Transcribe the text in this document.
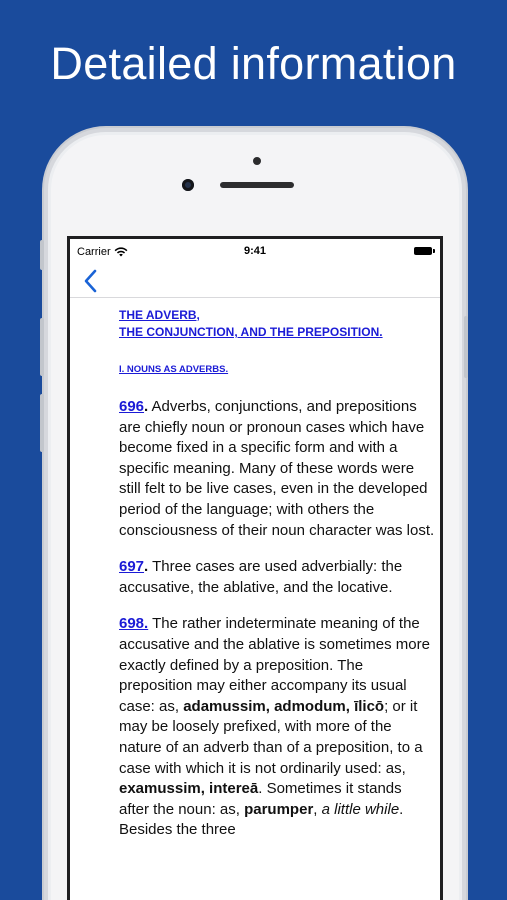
Detailed information
Carrier	9:41
THE ADVERB,
THE CONJUNCTION, AND THE PREPOSITION.
I. NOUNS AS ADVERBS.

696. Adverbs, conjunctions, and prepositions are chiefly noun or pronoun cases which have become fixed in a specific form and with a specific meaning. Many of these words were still felt to be live cases, even in the developed period of the language; with others the consciousness of their noun character was lost.

697. Three cases are used adverbially: the accusative, the ablative, and the locative.

698. The rather indeterminate meaning of the accusative and the ablative is sometimes more exactly defined by a preposition. The preposition may either accompany its usual case: as, adamussim, admodum, īlicō; or it may be loosely prefixed, with more of the nature of an adverb than of a preposition, to a case with which it is not ordinarily used: as, examussim, intereā. Sometimes it stands after the noun: as, parumper, a little while. Besides the three
